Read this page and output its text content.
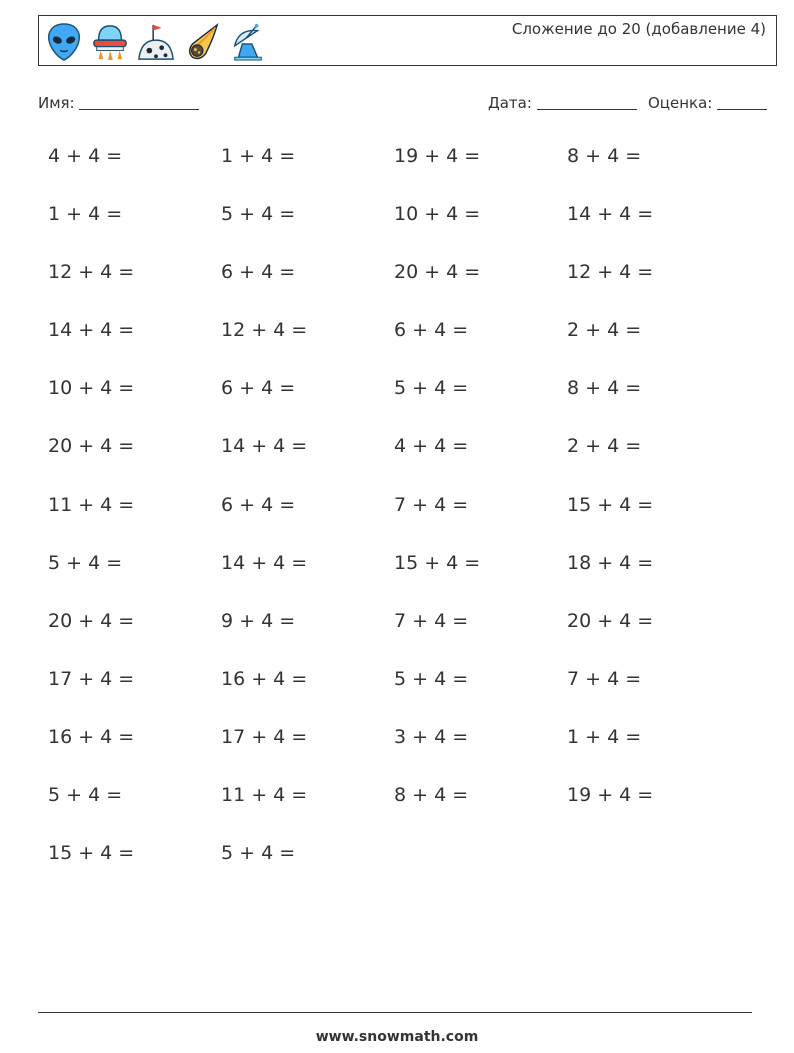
Сложение до 20 (добавление 4)
Имя:	Дата:	Оценка:
4 + 4 =	1 + 4 =	19 + 4 =	8 + 4 =
1 + 4 =	5 + 4 =	10 + 4 =	14 + 4 =
12 + 4 =	6 + 4 =	20 + 4 =	12 + 4 =
14 + 4 =	12 + 4 =	6 + 4 =	2 + 4 =
10 + 4 =	6 + 4 =	5 + 4 =	8 + 4 =
20 + 4 =	14 + 4 =	4 + 4 =	2 + 4 =
11 + 4 =	6 + 4 =	7 + 4 =	15 + 4 =
5 + 4 =	14 + 4 =	15 + 4 =	18 + 4 =
20 + 4 =	9 + 4 =	7 + 4 =	20 + 4 =
17 + 4 =	16 + 4 =	5 + 4 =	7 + 4 =
16 + 4 =	17 + 4 =	3 + 4 =	1 + 4 =
5 + 4 =	11 + 4 =	8 + 4 =	19 + 4 =
15 + 4 =	5 + 4 =
www.snowmath.com
